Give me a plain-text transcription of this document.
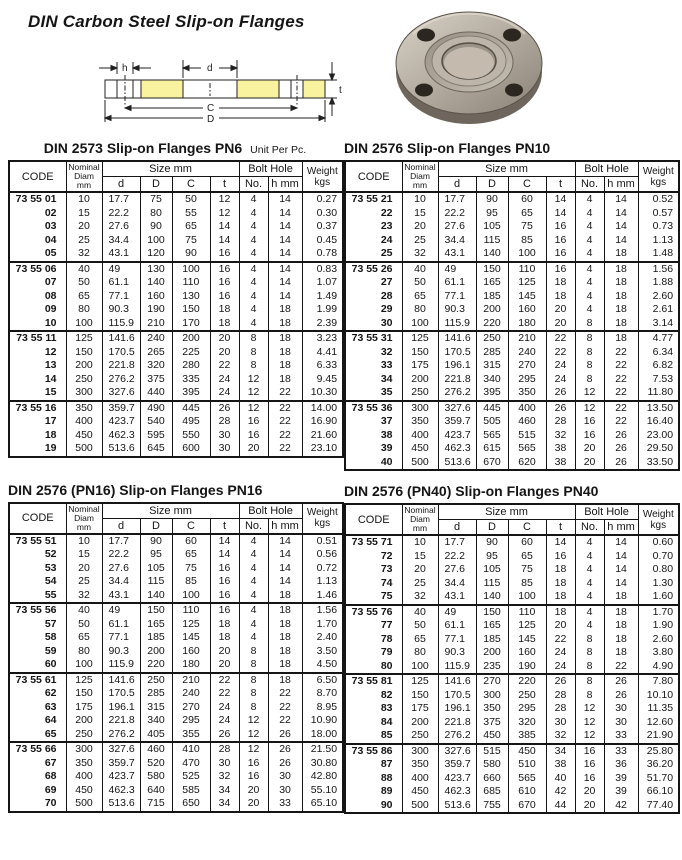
DIN Carbon Steel Slip-on Flanges
h	d
C
D
t
DIN 2573 Slip-on Flanges PN6 Unit Per Pc.
CODE	Nominal
Diam
mm	Size mm				Bolt Hole		Weight
kgs
		d	D	C	t	No.	h mm	
73 55 01	10	17.7	75	50	12	4	14	0.27
02	15	22.2	80	55	12	4	14	0.30
03	20	27.6	90	65	14	4	14	0.37
04	25	34.4	100	75	14	4	14	0.45
05	32	43.1	120	90	16	4	14	0.78
73 55 06	40	49	130	100	16	4	14	0.83
07	50	61.1	140	110	16	4	14	1.07
08	65	77.1	160	130	16	4	14	1.49
09	80	90.3	190	150	18	4	18	1.99
10	100	115.9	210	170	18	4	18	2.39
73 55 11	125	141.6	240	200	20	8	18	3.23
12	150	170.5	265	225	20	8	18	4.41
13	200	221.8	320	280	22	8	18	6.33
14	250	276.2	375	335	24	12	18	9.45
15	300	327.6	440	395	24	12	22	10.30
73 55 16	350	359.7	490	445	26	12	22	14.00
17	400	423.7	540	495	28	16	22	16.90
18	450	462.3	595	550	30	16	22	21.60
19	500	513.6	645	600	30	20	22	23.10
DIN 2576 (PN16) Slip-on Flanges PN16
CODE	Nominal
Diam
mm	Size mm				Bolt Hole		Weight
kgs
		d	D	C	t	No.	h mm	
73 55 51	10	17.7	90	60	14	4	14	0.51
52	15	22.2	95	65	14	4	14	0.56
53	20	27.6	105	75	16	4	14	0.72
54	25	34.4	115	85	16	4	14	1.13
55	32	43.1	140	100	16	4	18	1.46
73 55 56	40	49	150	110	16	4	18	1.56
57	50	61.1	165	125	18	4	18	1.70
58	65	77.1	185	145	18	4	18	2.40
59	80	90.3	200	160	20	8	18	3.50
60	100	115.9	220	180	20	8	18	4.50
73 55 61	125	141.6	250	210	22	8	18	6.50
62	150	170.5	285	240	22	8	22	8.70
63	175	196.1	315	270	24	8	22	8.95
64	200	221.8	340	295	24	12	22	10.90
65	250	276.2	405	355	26	12	26	18.00
73 55 66	300	327.6	460	410	28	12	26	21.50
67	350	359.7	520	470	30	16	26	30.80
68	400	423.7	580	525	32	16	30	42.80
69	450	462.3	640	585	34	20	30	55.10
70	500	513.6	715	650	34	20	33	65.10
DIN 2576 Slip-on Flanges PN10
CODE	Nominal
Diam
mm	Size mm				Bolt Hole		Weight
kgs
		d	D	C	t	No.	h mm	
73 55 21	10	17.7	90	60	14	4	14	0.52
22	15	22.2	95	65	14	4	14	0.57
23	20	27.6	105	75	16	4	14	0.73
24	25	34.4	115	85	16	4	14	1.13
25	32	43.1	140	100	16	4	18	1.48
73 55 26	40	49	150	110	16	4	18	1.56
27	50	61.1	165	125	18	4	18	1.88
28	65	77.1	185	145	18	4	18	2.60
29	80	90.3	200	160	20	4	18	2.61
30	100	115.9	220	180	20	8	18	3.14
73 55 31	125	141.6	250	210	22	8	18	4.77
32	150	170.5	285	240	22	8	22	6.34
33	175	196.1	315	270	24	8	22	6.82
34	200	221.8	340	295	24	8	22	7.53
35	250	276.2	395	350	26	12	22	11.80
73 55 36	300	327.6	445	400	26	12	22	13.50
37	350	359.7	505	460	28	16	22	16.40
38	400	423.7	565	515	32	16	26	23.00
39	450	462.3	615	565	38	20	26	29.50
40	500	513.6	670	620	38	20	26	33.50
DIN 2576 (PN40) Slip-on Flanges PN40
CODE	Nominal
Diam
mm	Size mm				Bolt Hole		Weight
kgs
		d	D	C	t	No.	h mm	
73 55 71	10	17.7	90	60	14	4	14	0.60
72	15	22.2	95	65	16	4	14	0.70
73	20	27.6	105	75	18	4	14	0.80
74	25	34.4	115	85	18	4	14	1.30
75	32	43.1	140	100	18	4	18	1.60
73 55 76	40	49	150	110	18	4	18	1.70
77	50	61.1	165	125	20	4	18	1.90
78	65	77.1	185	145	22	8	18	2.60
79	80	90.3	200	160	24	8	18	3.80
80	100	115.9	235	190	24	8	22	4.90
73 55 81	125	141.6	270	220	26	8	26	7.80
82	150	170.5	300	250	28	8	26	10.10
83	175	196.1	350	295	28	12	30	11.35
84	200	221.8	375	320	30	12	30	12.60
85	250	276.2	450	385	32	12	33	21.90
73 55 86	300	327.6	515	450	34	16	33	25.80
87	350	359.7	580	510	38	16	36	36.20
88	400	423.7	660	565	40	16	39	51.70
89	450	462.3	685	610	42	20	39	66.10
90	500	513.6	755	670	44	20	42	77.40
